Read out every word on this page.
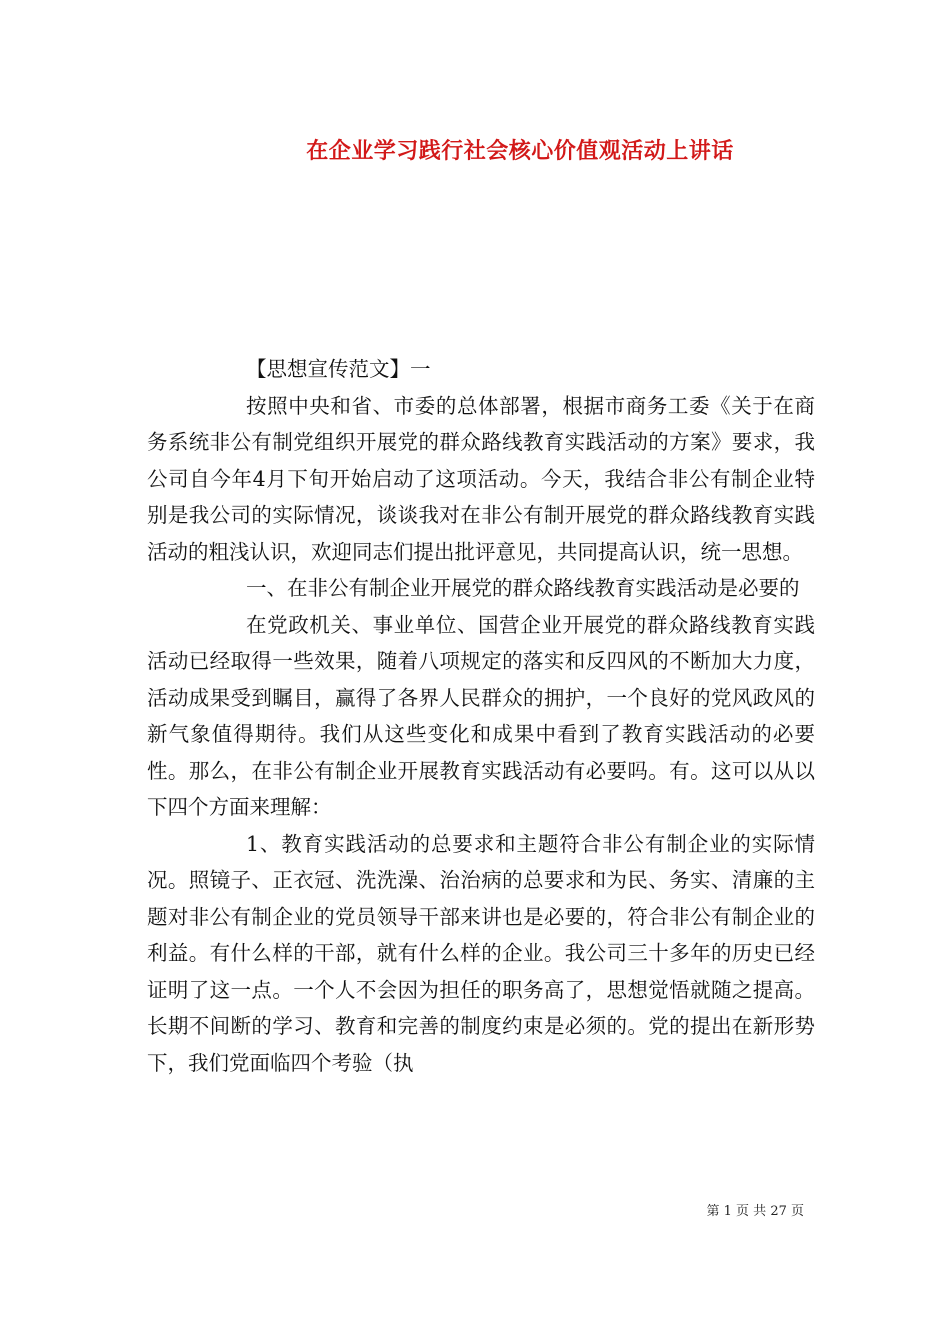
在企业学习践行社会核心价值观活动上讲话

【思想宣传范文】一

按照中央和省、市委的总体部署，根据市商务工委《关于在商务系统非公有制党组织开展党的群众路线教育实践活动的方案》要求，我公司自今年4月下旬开始启动了这项活动。今天，我结合非公有制企业特别是我公司的实际情况，谈谈我对在非公有制开展党的群众路线教育实践活动的粗浅认识，欢迎同志们提出批评意见，共同提高认识，统一思想。

一、在非公有制企业开展党的群众路线教育实践活动是必要的

在党政机关、事业单位、国营企业开展党的群众路线教育实践活动已经取得一些效果，随着八项规定的落实和反四风的不断加大力度，活动成果受到瞩目，赢得了各界人民群众的拥护，一个良好的党风政风的新气象值得期待。我们从这些变化和成果中看到了教育实践活动的必要性。那么，在非公有制企业开展教育实践活动有必要吗。有。这可以从以下四个方面来理解：

1、教育实践活动的总要求和主题符合非公有制企业的实际情况。照镜子、正衣冠、洗洗澡、治治病的总要求和为民、务实、清廉的主题对非公有制企业的党员领导干部来讲也是必要的，符合非公有制企业的利益。有什么样的干部，就有什么样的企业。我公司三十多年的历史已经证明了这一点。一个人不会因为担任的职务高了，思想觉悟就随之提高。长期不间断的学习、教育和完善的制度约束是必须的。党的提出在新形势下，我们党面临四个考验（执

第 1 页 共 27 页
